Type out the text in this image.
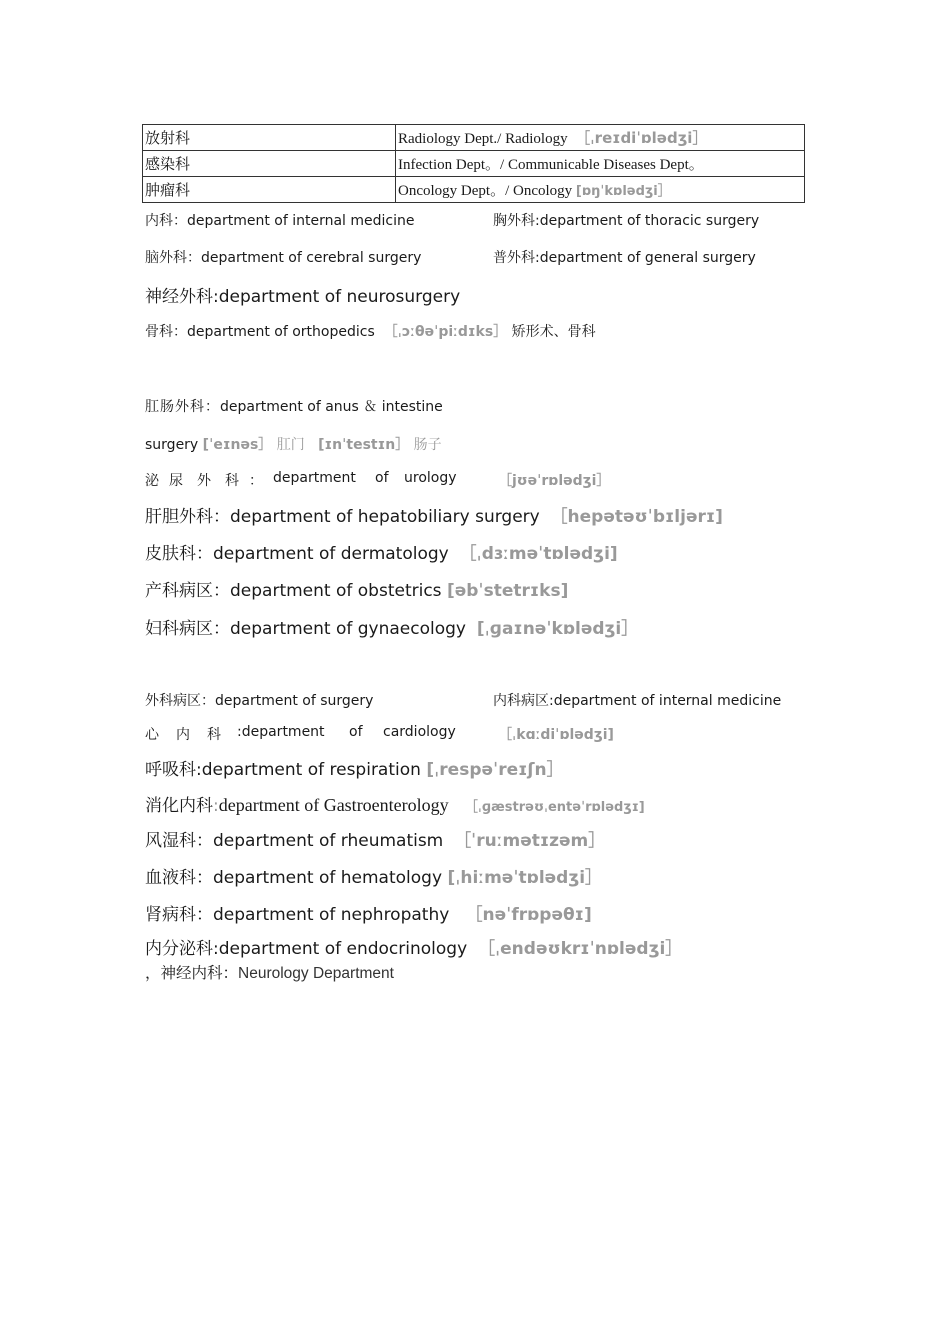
放射科	Radiology Dept./ Radiology　 ［ˌreɪdiˈɒlədʒi］
感染科	Infection Dept。/ Communicable Diseases Dept。
肿瘤科	Oncology Dept。/ Oncology [ɒŋˈkɒlədʒi］
内科：department of internal medicine	胸外科:department of thoracic surgery
脑外科：department of cerebral surgery	普外科:department of general surgery
神经外科:department of neurosurgery
骨科：department of orthopedics ［ˌɔːθəˈpiːdɪks］ 矫形术、骨科
肛肠外科：department of anus ＆ intestine
surgery [ˈeɪnəs］ 肛门 [ɪnˈtestɪn］ 肠子
泌 尿 外 科 ： department of urology	［jʊəˈrɒlədʒi］
肝胆外科：department of hepatobiliary surgery ［hepətəʊˈbɪljərɪ]
皮肤科：department of dermatology ［ˌdɜːməˈtɒlədʒi]
产科病区：department of obstetrics [əbˈstetrɪks]
妇科病区：department of gynaecology [ˌɡaɪnəˈkɒlədʒi］
外科病区：department of surgery	内科病区:department of internal medicine
心 内 科 :department of cardiology	［ˌkɑːdiˈɒlədʒi]
呼吸科:department of respiration [ˌrespəˈreɪʃn］
消化内科:department of Gastroenterology ［ˌɡæstrəʊˌentəˈrɒlədʒɪ]
风湿科：department of rheumatism ［ˈruːmətɪzəm］
血液科：department of hematology [ˌhiːməˈtɒlədʒi］
肾病科：department of nephropathy ［nəˈfrɒpəθɪ]
内分泌科:department of endocrinology ［ˌendəʊkrɪˈnɒlədʒi］
，神经内科：Neurology Department
